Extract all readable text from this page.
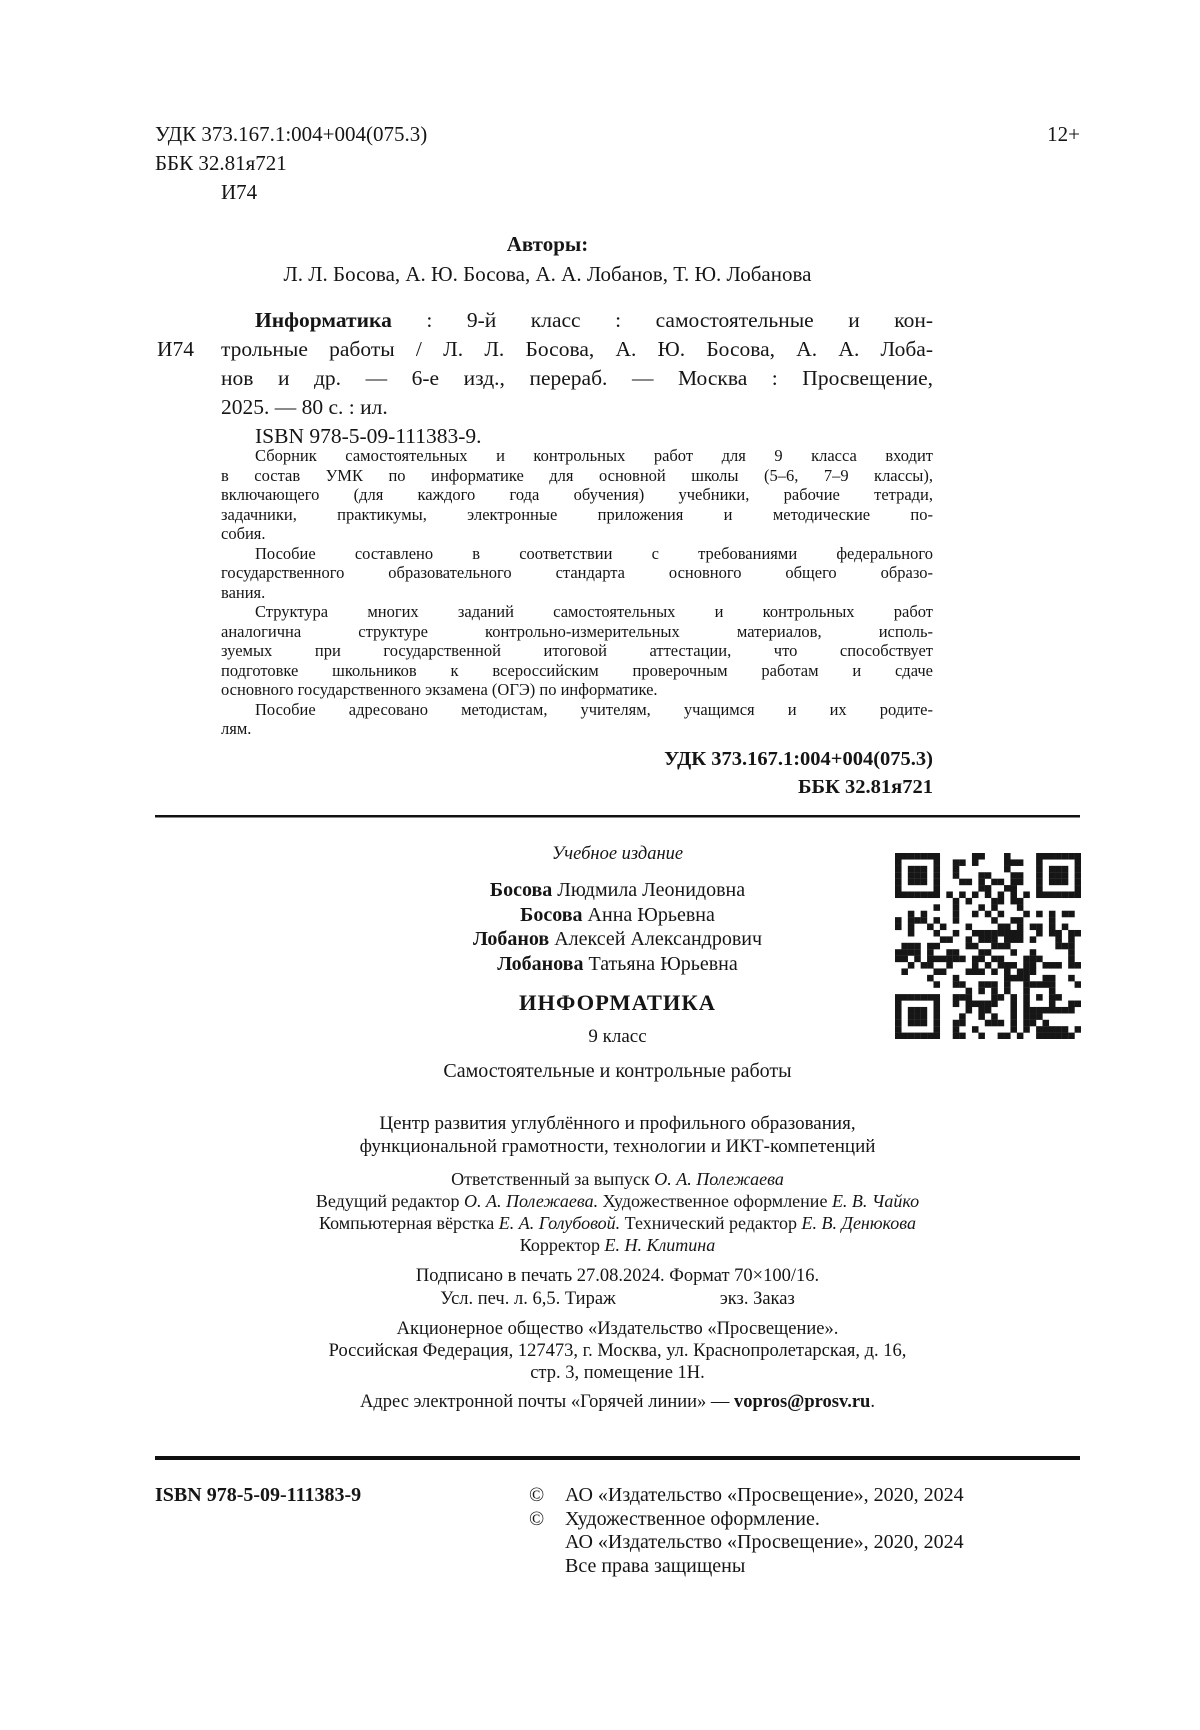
УДК 373.167.1:004+004(075.3)
ББК 32.81я721
И74
12+
Авторы:
Л. Л. Босова, А. Ю. Босова, А. А. Лобанов, Т. Ю. Лобанова
И74
Информатика : 9-й класс : самостоятельные и кон-
трольные работы / Л. Л. Босова, А. Ю. Босова, А. А. Лоба-
нов и др. — 6-е изд., перераб. — Москва : Просвещение,
2025. — 80 с. : ил.
ISBN 978-5-09-111383-9.
Сборник самостоятельных и контрольных работ для 9 класса входит
в состав УМК по информатике для основной школы (5–6, 7–9 классы),
включающего (для каждого года обучения) учебники, рабочие тетради,
задачники, практикумы, электронные приложения и методические по-
собия.
Пособие составлено в соответствии с требованиями федерального
государственного образовательного стандарта основного общего образо-
вания.
Структура многих заданий самостоятельных и контрольных работ
аналогична структуре контрольно-измерительных материалов, исполь-
зуемых при государственной итоговой аттестации, что способствует
подготовке школьников к всероссийским проверочным работам и сдаче
основного государственного экзамена (ОГЭ) по информатике.
Пособие адресовано методистам, учителям, учащимся и их родите-
лям.
УДК 373.167.1:004+004(075.3)
ББК 32.81я721
Учебное издание
Босова Людмила Леонидовна
Босова Анна Юрьевна
Лобанов Алексей Александрович
Лобанова Татьяна Юрьевна
ИНФОРМАТИКА
9 класс
Самостоятельные и контрольные работы
Центр развития углублённого и профильного образования,
функциональной грамотности, технологии и ИКТ-компетенций
Ответственный за выпуск О. А. Полежаева
Ведущий редактор О. А. Полежаева. Художественное оформление Е. В. Чайко
Компьютерная вёрстка Е. А. Голубовой. Технический редактор Е. В. Денюкова
Корректор Е. Н. Клитина
Подписано в печать 27.08.2024. Формат 70×100/16.
Усл. печ. л. 6,5. Тираж	экз. Заказ
Акционерное общество «Издательство «Просвещение».
Российская Федерация, 127473, г. Москва, ул. Краснопролетарская, д. 16,
стр. 3, помещение 1Н.
Адрес электронной почты «Горячей линии» — vopros@prosv.ru.
ISBN 978-5-09-111383-9	© АО «Издательство «Просвещение», 2020, 2024
© Художественное оформление.
АО «Издательство «Просвещение», 2020, 2024
Все права защищены
